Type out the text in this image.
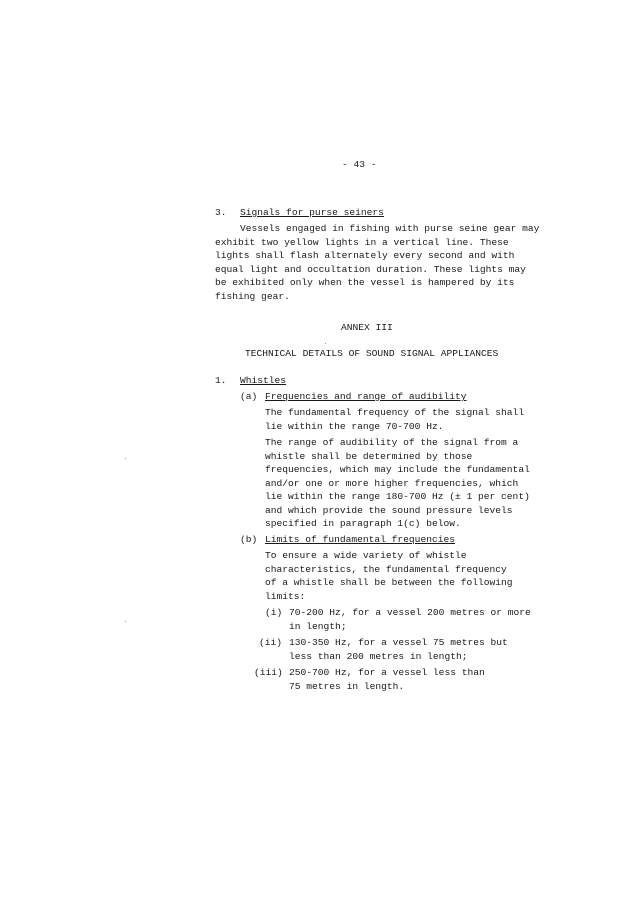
- 43 -
3. Signals for purse seiners
Vessels engaged in fishing with purse seine gear may
exhibit two yellow lights in a vertical line. These
lights shall flash alternately every second and with
equal light and occultation duration. These lights may
be exhibited only when the vessel is hampered by its
fishing gear.
ANNEX III
TECHNICAL DETAILS OF SOUND SIGNAL APPLIANCES
1. Whistles
(a) Frequencies and range of audibility
The fundamental frequency of the signal shall
lie within the range 70-700 Hz.
The range of audibility of the signal from a
whistle shall be determined by those
frequencies, which may include the fundamental
and/or one or more higher frequencies, which
lie within the range 180-700 Hz (± 1 per cent)
and which provide the sound pressure levels
specified in paragraph 1(c) below.
(b) Limits of fundamental frequencies
To ensure a wide variety of whistle
characteristics, the fundamental frequency
of a whistle shall be between the following
limits:
(i) 70-200 Hz, for a vessel 200 metres or more
in length;
(ii) 130-350 Hz, for a vessel 75 metres but
less than 200 metres in length;
(iii) 250-700 Hz, for a vessel less than
75 metres in length.
